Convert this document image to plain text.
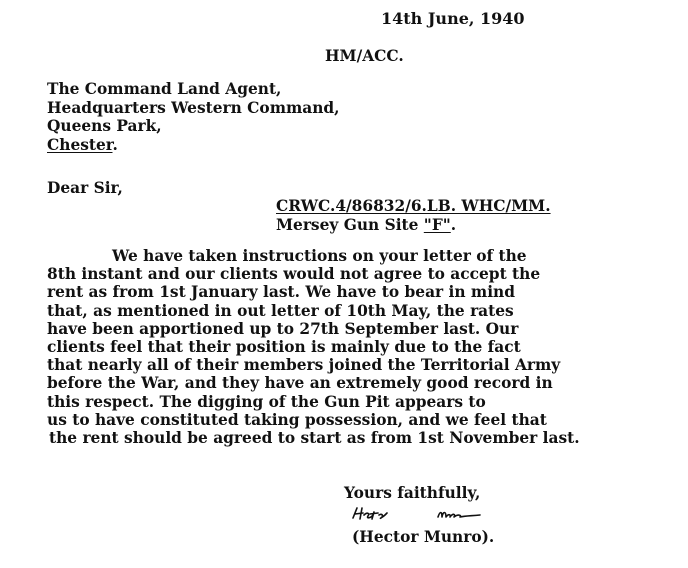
14th June, 1940
HM/ACC.
The Command Land Agent,
Headquarters Western Command,
Queens Park,
Chester.
Dear Sir,
CRWC.4/86832/6.LB. WHC/MM.
Mersey Gun Site "F".
We have taken instructions on your letter of the
8th instant and our clients would not agree to accept the
rent as from 1st January last. We have to bear in mind
that, as mentioned in out letter of 10th May, the rates
have been apportioned up to 27th September last. Our
clients feel that their position is mainly due to the fact
that nearly all of their members joined the Territorial Army
before the War, and they have an extremely good record in
this respect. The digging of the Gun Pit appears to
us to have constituted taking possession, and we feel that
the rent should be agreed to start as from 1st November last.
Yours faithfully,
(Hector Munro).
